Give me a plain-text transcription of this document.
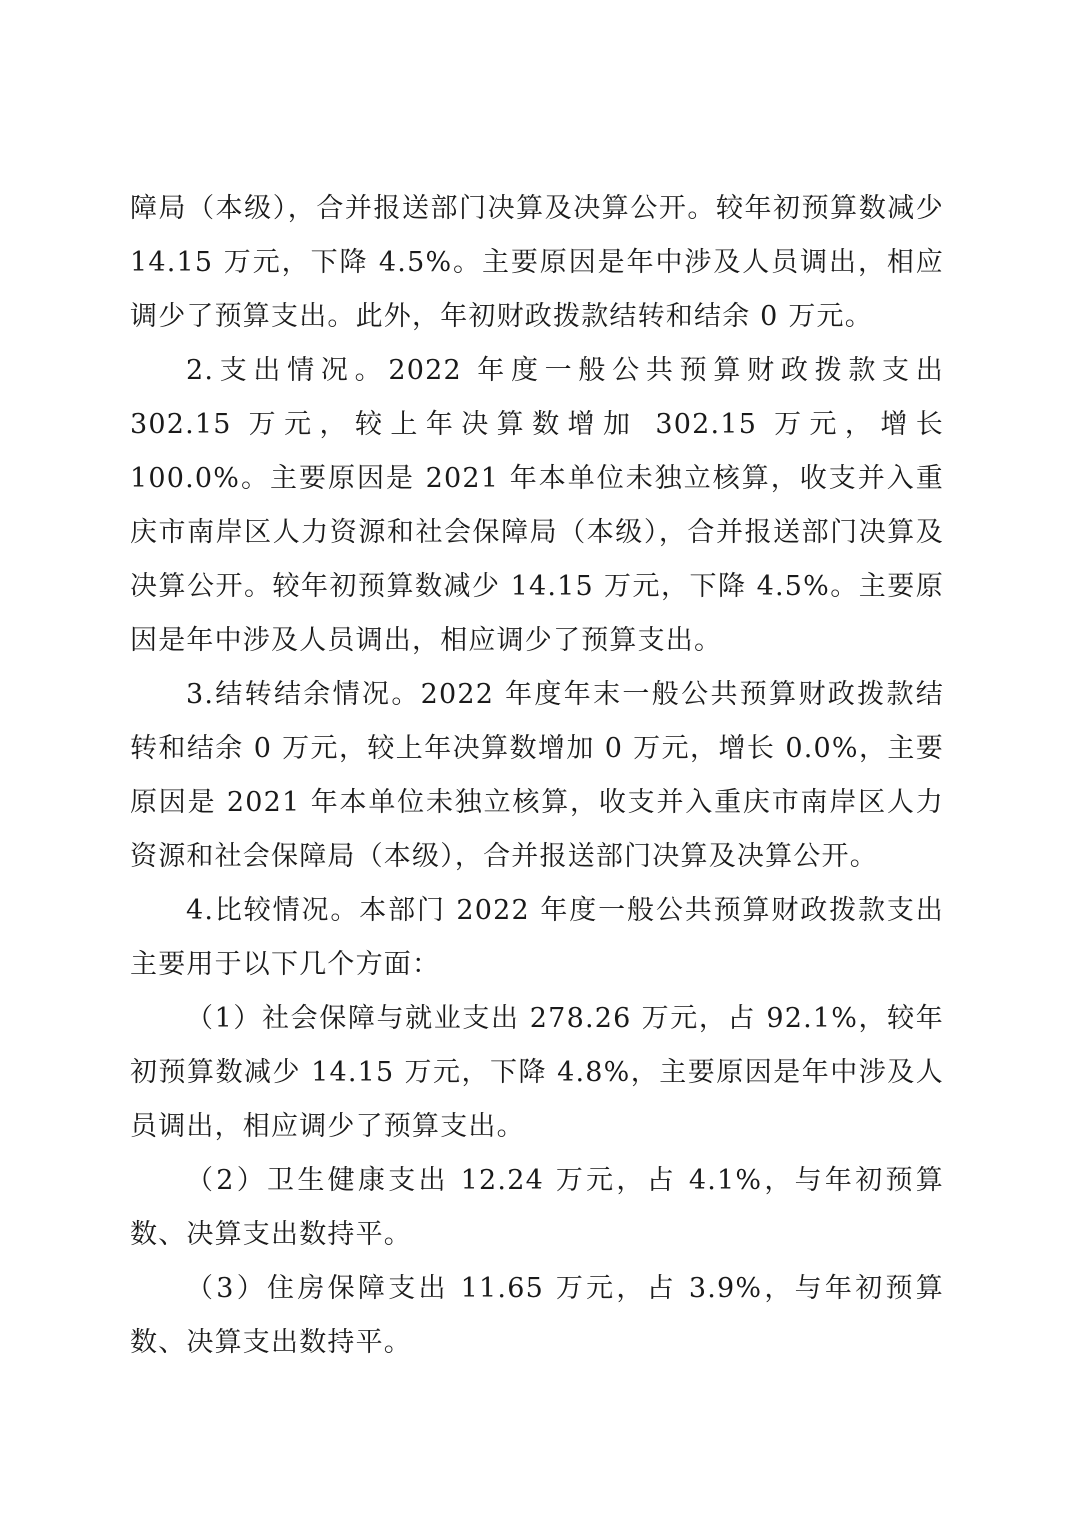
障局（本级），合并报送部门决算及决算公开。较年初预算数减少 14.15 万元，下降 4.5%。主要原因是年中涉及人员调出，相应调少了预算支出。此外，年初财政拨款结转和结余 0 万元。

2.支出情况。2022 年度一般公共预算财政拨款支出 302.15 万元，较上年决算数增加 302.15 万元，增长 100.0%。主要原因是 2021 年本单位未独立核算，收支并入重庆市南岸区人力资源和社会保障局（本级），合并报送部门决算及决算公开。较年初预算数减少 14.15 万元，下降 4.5%。主要原因是年中涉及人员调出，相应调少了预算支出。

3.结转结余情况。2022 年度年末一般公共预算财政拨款结转和结余 0 万元，较上年决算数增加 0 万元，增长 0.0%，主要原因是 2021 年本单位未独立核算，收支并入重庆市南岸区人力资源和社会保障局（本级），合并报送部门决算及决算公开。

4.比较情况。本部门 2022 年度一般公共预算财政拨款支出主要用于以下几个方面：

（1）社会保障与就业支出 278.26 万元，占 92.1%，较年初预算数减少 14.15 万元，下降 4.8%，主要原因是年中涉及人员调出，相应调少了预算支出。

（2）卫生健康支出 12.24 万元，占 4.1%，与年初预算数、决算支出数持平。

（3）住房保障支出 11.65 万元，占 3.9%，与年初预算数、决算支出数持平。
